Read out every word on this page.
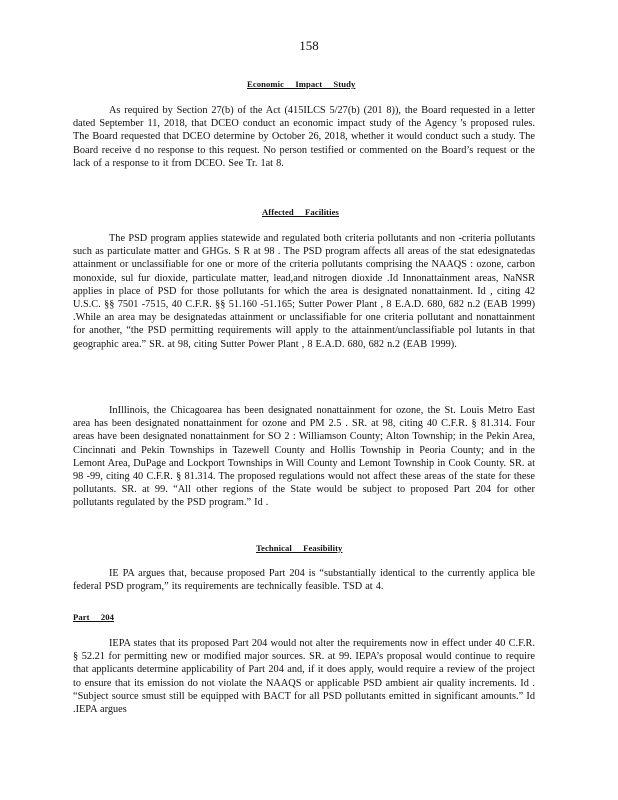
158
Economic     Impact     Study

As required by Section 27(b) of the Act (415ILCS 5/27(b) (201 8)), the Board requested in a letter dated September 11, 2018, that DCEO conduct an economic impact study of the Agency 's proposed rules. The Board requested that DCEO determine by October 26, 2018, whether it would conduct such a study. The Board receive d no response to this request. No person testified or commented on the Board’s request or the lack of a response to it from DCEO. See Tr. 1at 8.

Affected     Facilities

The PSD program applies statewide and regulated both criteria pollutants and non -criteria pollutants such as particulate matter and GHGs. S R at 98 . The PSD program affects all areas of the stat edesignatedas attainment or unclassifiable for one or more of the criteria pollutants comprising the NAAQS : ozone, carbon monoxide, sul fur dioxide, particulate matter, lead,and nitrogen dioxide .Id Innonattainment areas, NaNSR applies in place of PSD for those pollutants for which the area is designated nonattainment. Id , citing 42 U.S.C. §§ 7501 -7515, 40 C.F.R. §§ 51.160 -51.165; Sutter Power Plant , 8 E.A.D. 680, 682 n.2 (EAB 1999) .While an area may be designatedas attainment or unclassifiable for one criteria pollutant and nonattainment for another, “the PSD permitting requirements will apply to the attainment/unclassifiable pol lutants in that geographic area.” SR. at 98, citing Sutter Power Plant , 8 E.A.D. 680, 682 n.2 (EAB 1999).

InIllinois, the Chicagoarea has been designated nonattainment for ozone, the St. Louis Metro East area has been designated nonattainment for ozone and PM 2.5 . SR. at 98, citing 40 C.F.R. § 81.314. Four areas have been designated nonattainment for SO 2 : Williamson County; Alton Township; in the Pekin Area, Cincinnati and Pekin Townships in Tazewell County and Hollis Township in Peoria County; and in the Lemont Area, DuPage and Lockport Townships in Will County and Lemont Township in Cook County. SR. at 98 -99, citing 40 C.F.R. § 81.314. The proposed regulations would not affect these areas of the state for these pollutants. SR. at 99. “All other regions of the State would be subject to proposed Part 204 for other pollutants regulated by the PSD program.” Id .

Technical     Feasibility

IE PA argues that, because proposed Part 204 is “substantially identical to the currently applica ble federal PSD program,” its requirements are technically feasible. TSD at 4.

Part     204

IEPA states that its proposed Part 204 would not alter the requirements now in effect under 40 C.F.R. § 52.21 for permitting new or modified major sources. SR. at 99. IEPA’s proposal would continue to require that applicants determine applicability of Part 204 and, if it does apply, would require a review of the project to ensure that its emission do not violate the NAAQS or applicable PSD ambient air quality increments. Id . “Subject source smust still be equipped with BACT for all PSD pollutants emitted in significant amounts.” Id .IEPA argues
